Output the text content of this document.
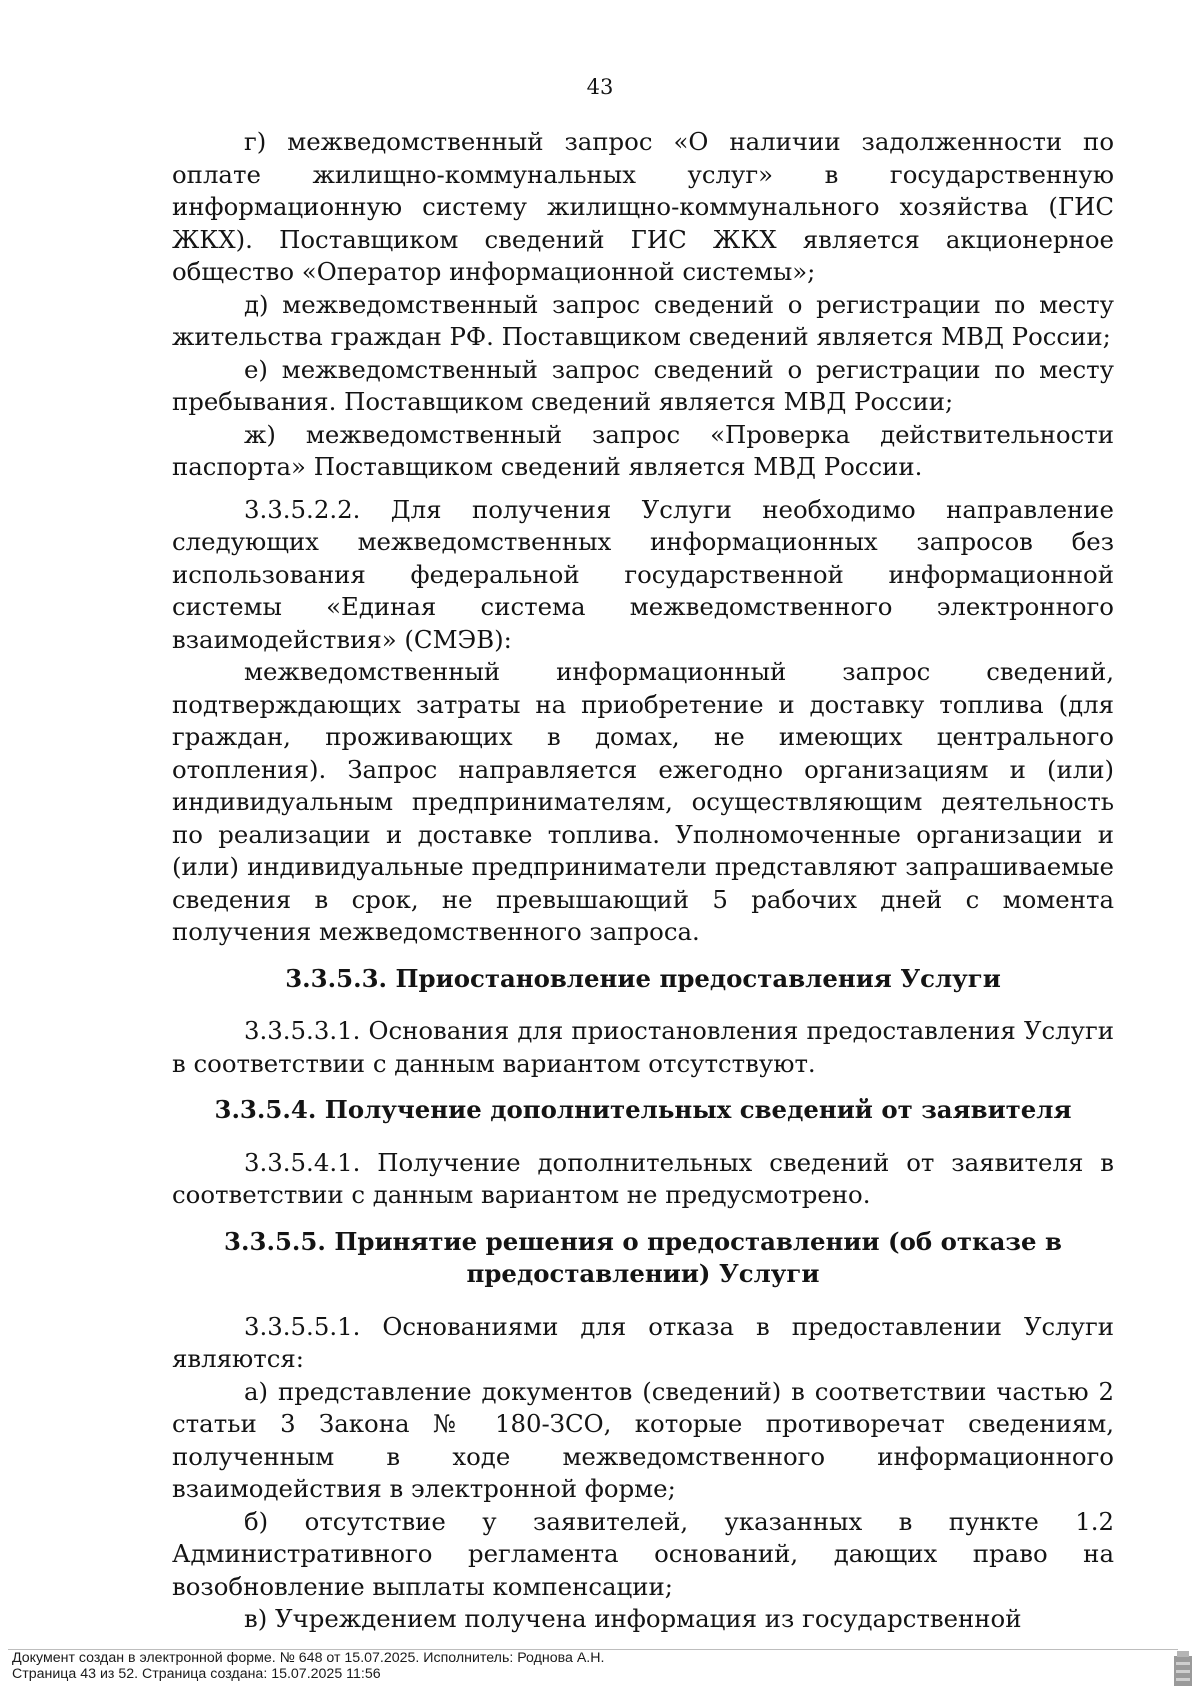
43

г) межведомственный запрос «О наличии задолженности по оплате жилищно-коммунальных услуг» в государственную информационную систему жилищно-коммунального хозяйства (ГИС ЖКХ). Поставщиком сведений ГИС ЖКХ является акционерное общество «Оператор информационной системы»;

д) межведомственный запрос сведений о регистрации по месту жительства граждан РФ. Поставщиком сведений является МВД России;

е) межведомственный запрос сведений о регистрации по месту пребывания. Поставщиком сведений является МВД России;

ж) межведомственный запрос «Проверка действительности паспорта» Поставщиком сведений является МВД России.

3.3.5.2.2. Для получения Услуги необходимо направление следующих межведомственных информационных запросов без использования федеральной государственной информационной системы «Единая система межведомственного электронного взаимодействия» (СМЭВ):

межведомственный информационный запрос сведений, подтверждающих затраты на приобретение и доставку топлива (для граждан, проживающих в домах, не имеющих центрального отопления). Запрос направляется ежегодно организациям и (или) индивидуальным предпринимателям, осуществляющим деятельность по реализации и доставке топлива. Уполномоченные организации и (или) индивидуальные предприниматели представляют запрашиваемые сведения в срок, не превышающий 5 рабочих дней с момента получения межведомственного запроса.

3.3.5.3. Приостановление предоставления Услуги

3.3.5.3.1. Основания для приостановления предоставления Услуги в соответствии с данным вариантом отсутствуют.

3.3.5.4. Получение дополнительных сведений от заявителя

3.3.5.4.1. Получение дополнительных сведений от заявителя в соответствии с данным вариантом не предусмотрено.

3.3.5.5. Принятие решения о предоставлении (об отказе в предоставлении) Услуги

3.3.5.5.1. Основаниями для отказа в предоставлении Услуги являются:

а) представление документов (сведений) в соответствии частью 2 статьи 3 Закона № 180-ЗСО, которые противоречат сведениям, полученным в ходе межведомственного информационного взаимодействия в электронной форме;

б) отсутствие у заявителей, указанных в пункте 1.2 Административного регламента оснований, дающих право на возобновление выплаты компенсации;

в) Учреждением получена информация из государственной

Документ создан в электронной форме. № 648 от 15.07.2025. Исполнитель: Роднова А.Н.
Страница 43 из 52. Страница создана: 15.07.2025 11:56
